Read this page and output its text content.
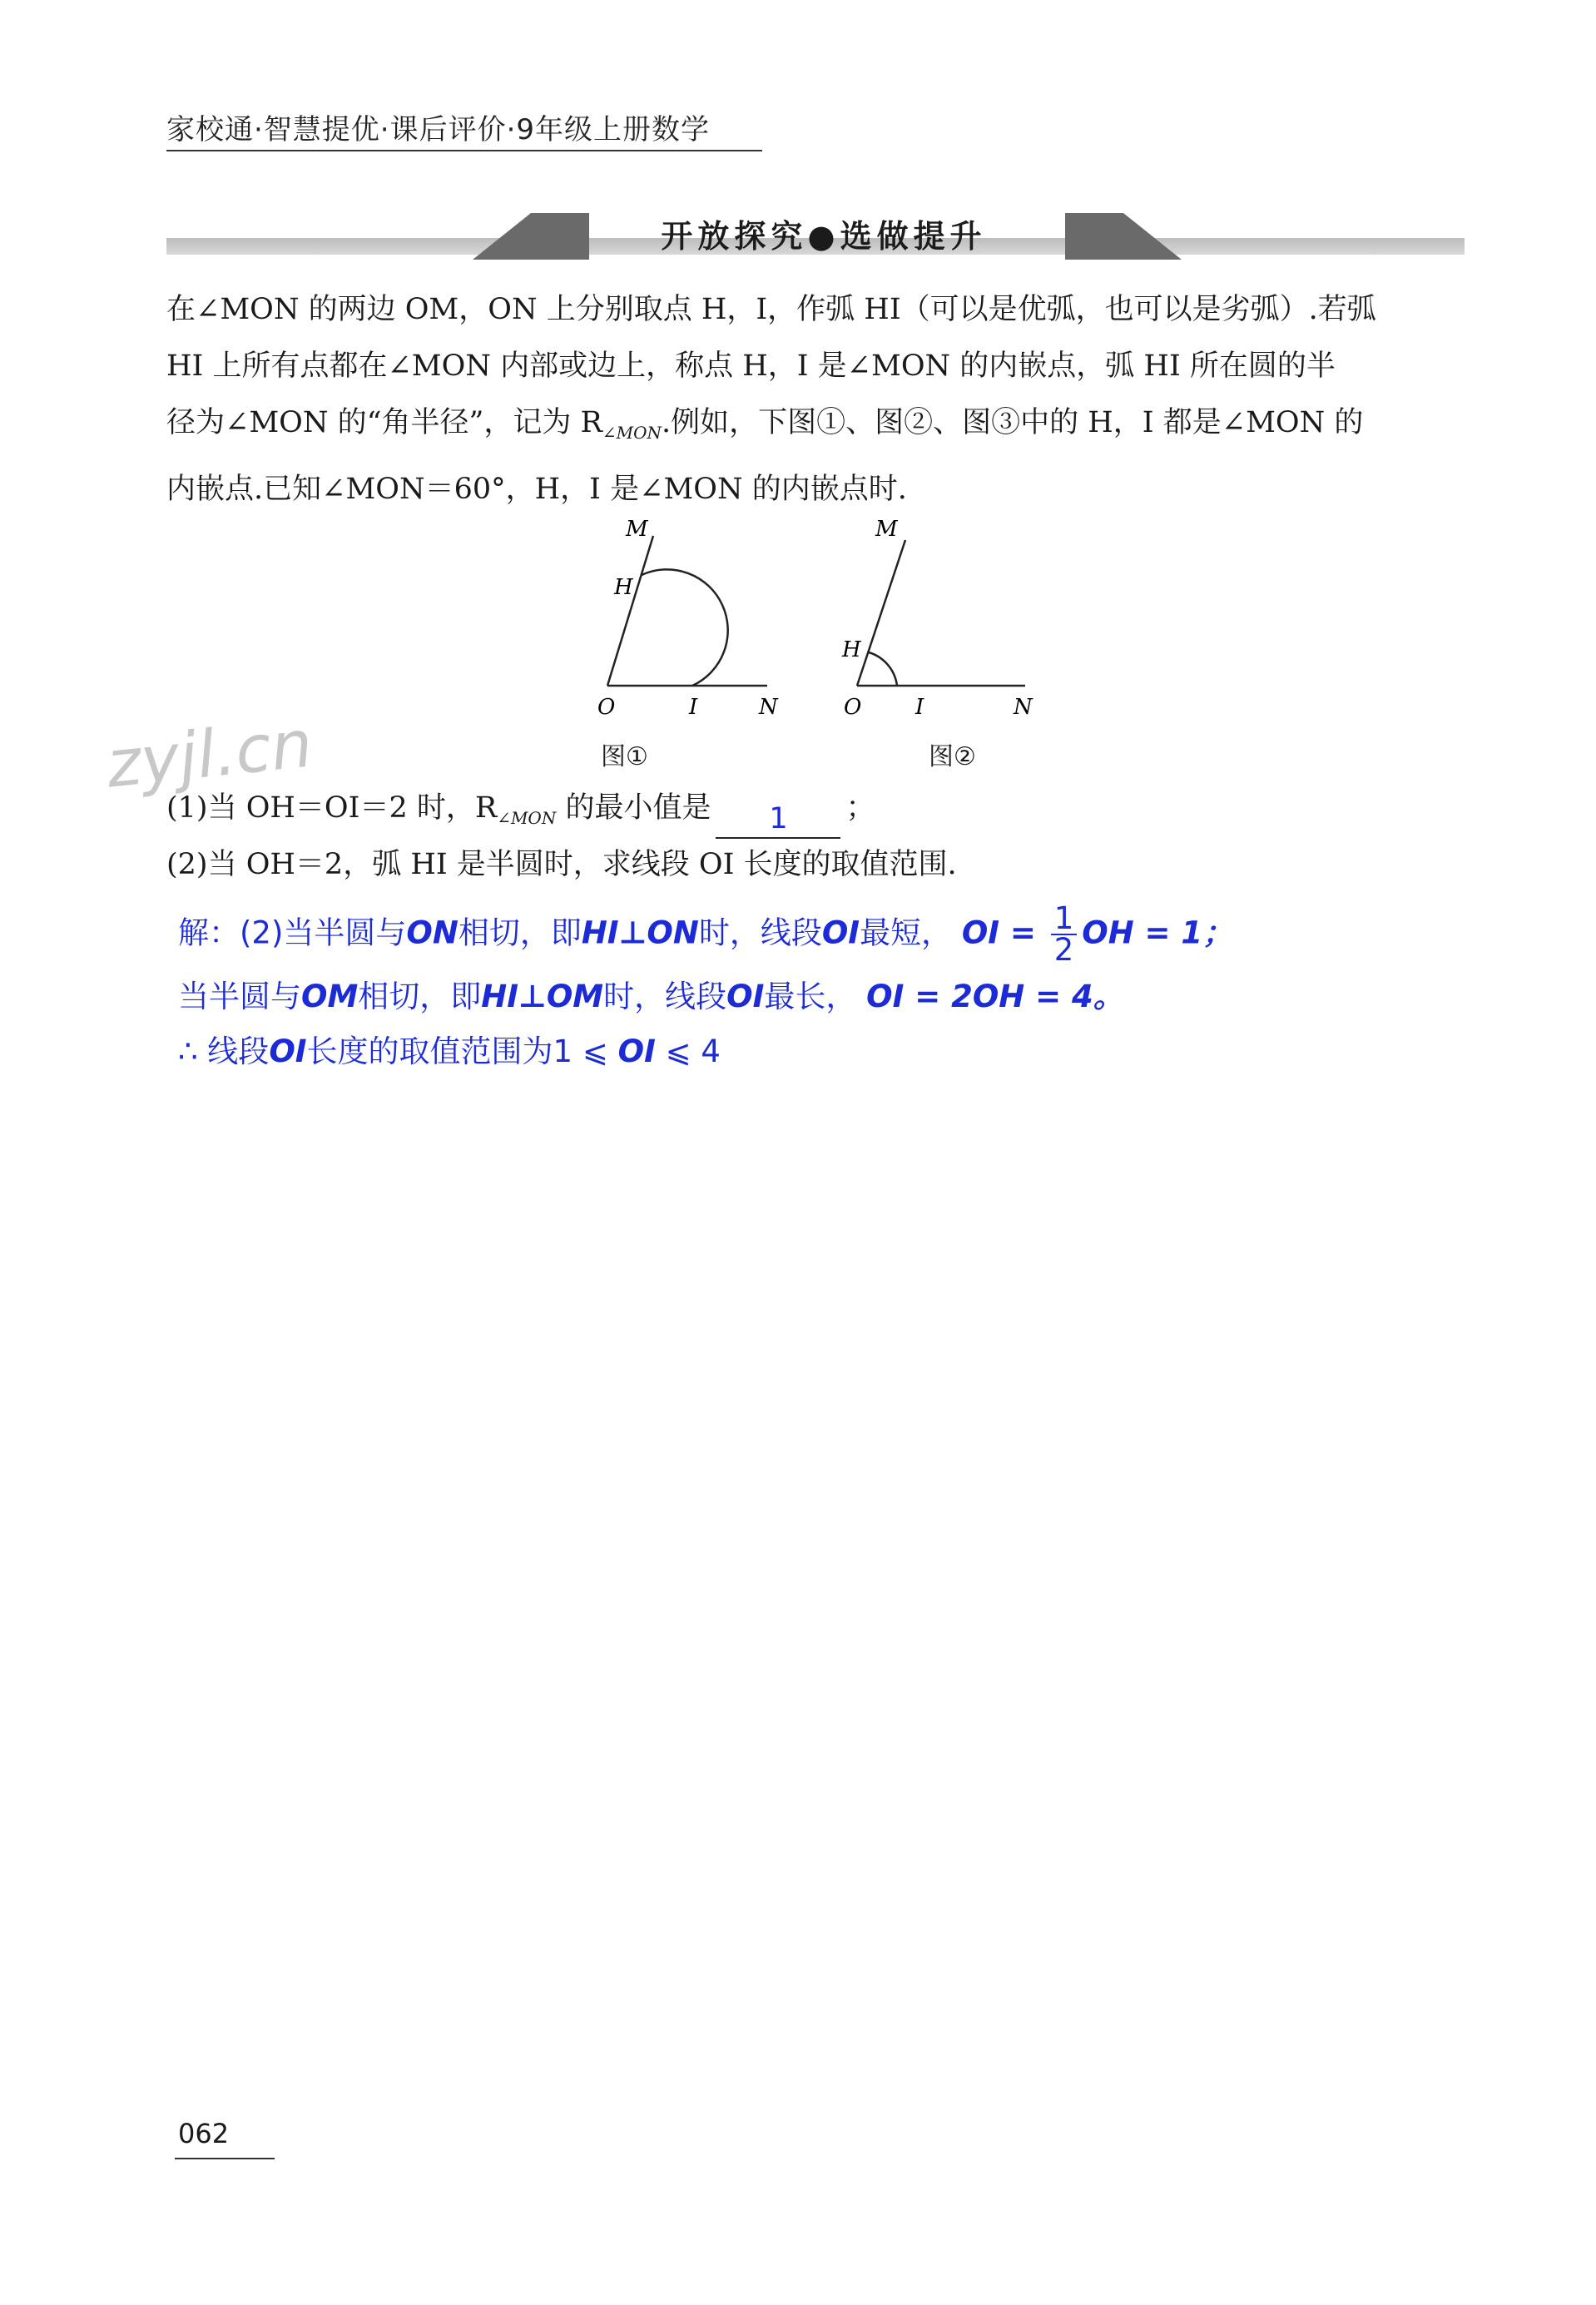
家校通·智慧提优·课后评价·9年级上册数学
开放探究●选做提升
在∠MON 的两边 OM，ON 上分别取点 H，I，作弧 HI（可以是优弧，也可以是劣弧）.若弧
HI 上所有点都在∠MON 内部或边上，称点 H，I 是∠MON 的内嵌点，弧 HI 所在圆的半
径为∠MON 的“角半径”，记为 $R_{\angle MON}$.例如，下图①、图②、图③中的 H，I 都是∠MON 的
内嵌点.已知∠MON＝60°，H，I 是∠MON 的内嵌点时.
M
H
O	I	N
图①
M
H
O I	N
图②
zyjl.cn
(1)当 OH＝OI＝2 时，$R_{\angle MON}$ 的最小值是 1 ；
(2)当 OH＝2，弧 HI 是半圆时，求线段 OI 长度的取值范围.
解：(2)当半圆与ON相切，即HI⊥ON时，线段OI最短， OI = $\frac{1}{2}$ OH = 1；
当半圆与OM相切，即HI⊥OM时，线段OI最长， OI = 2OH = 4。
∴ 线段OI长度的取值范围为1 ⩽ OI ⩽ 4
062
